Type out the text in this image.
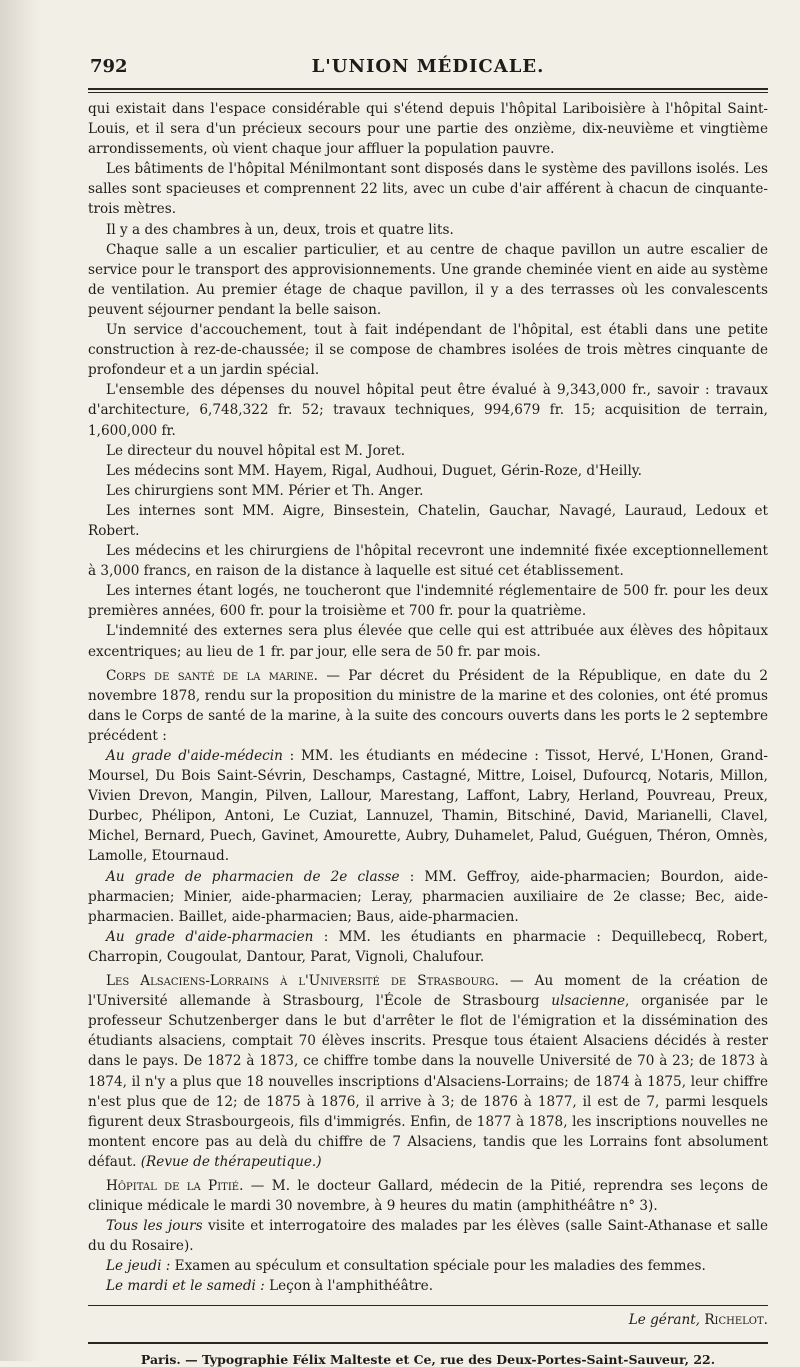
792	L'UNION MÉDICALE.

qui existait dans l'espace considérable qui s'étend depuis l'hôpital Lariboisière à l'hôpital Saint-Louis, et il sera d'un précieux secours pour une partie des onzième, dix-neuvième et vingtième arrondissements, où vient chaque jour affluer la population pauvre.

Les bâtiments de l'hôpital Ménilmontant sont disposés dans le système des pavillons isolés. Les salles sont spacieuses et comprennent 22 lits, avec un cube d'air afférent à chacun de cinquante-trois mètres.

Il y a des chambres à un, deux, trois et quatre lits.

Chaque salle a un escalier particulier, et au centre de chaque pavillon un autre escalier de service pour le transport des approvisionnements. Une grande cheminée vient en aide au système de ventilation. Au premier étage de chaque pavillon, il y a des terrasses où les convalescents peuvent séjourner pendant la belle saison.

Un service d'accouchement, tout à fait indépendant de l'hôpital, est établi dans une petite construction à rez-de-chaussée; il se compose de chambres isolées de trois mètres cinquante de profondeur et a un jardin spécial.

L'ensemble des dépenses du nouvel hôpital peut être évalué à 9,343,000 fr., savoir : travaux d'architecture, 6,748,322 fr. 52; travaux techniques, 994,679 fr. 15; acquisition de terrain, 1,600,000 fr.

Le directeur du nouvel hôpital est M. Joret.

Les médecins sont MM. Hayem, Rigal, Audhoui, Duguet, Gérin-Roze, d'Heilly.

Les chirurgiens sont MM. Périer et Th. Anger.

Les internes sont MM. Aigre, Binsestein, Chatelin, Gauchar, Navagé, Lauraud, Ledoux et Robert.

Les médecins et les chirurgiens de l'hôpital recevront une indemnité fixée exceptionnellement à 3,000 francs, en raison de la distance à laquelle est situé cet établissement.

Les internes étant logés, ne toucheront que l'indemnité réglementaire de 500 fr. pour les deux premières années, 600 fr. pour la troisième et 700 fr. pour la quatrième.

L'indemnité des externes sera plus élevée que celle qui est attribuée aux élèves des hôpitaux excentriques; au lieu de 1 fr. par jour, elle sera de 50 fr. par mois.

Corps de santé de la marine. — Par décret du Président de la République, en date du 2 novembre 1878, rendu sur la proposition du ministre de la marine et des colonies, ont été promus dans le Corps de santé de la marine, à la suite des concours ouverts dans les ports le 2 septembre précédent :

Au grade d'aide-médecin : MM. les étudiants en médecine : Tissot, Hervé, L'Honen, Grand-Moursel, Du Bois Saint-Sévrin, Deschamps, Castagné, Mittre, Loisel, Dufourcq, Notaris, Millon, Vivien Drevon, Mangin, Pilven, Lallour, Marestang, Laffont, Labry, Herland, Pouvreau, Preux, Durbec, Phélipon, Antoni, Le Cuziat, Lannuzel, Thamin, Bitschiné, David, Marianelli, Clavel, Michel, Bernard, Puech, Gavinet, Amourette, Aubry, Duhamelet, Palud, Guéguen, Théron, Omnès, Lamolle, Etournaud.

Au grade de pharmacien de 2e classe : MM. Geffroy, aide-pharmacien; Bourdon, aide-pharmacien; Minier, aide-pharmacien; Leray, pharmacien auxiliaire de 2e classe; Bec, aide-pharmacien. Baillet, aide-pharmacien; Baus, aide-pharmacien.

Au grade d'aide-pharmacien : MM. les étudiants en pharmacie : Dequillebecq, Robert, Charropin, Cougoulat, Dantour, Parat, Vignoli, Chalufour.

Les Alsaciens-Lorrains à l'Université de Strasbourg. — Au moment de la création de l'Université allemande à Strasbourg, l'École de Strasbourg ulsacienne, organisée par le professeur Schutzenberger dans le but d'arrêter le flot de l'émigration et la dissémination des étudiants alsaciens, comptait 70 élèves inscrits. Presque tous étaient Alsaciens décidés à rester dans le pays. De 1872 à 1873, ce chiffre tombe dans la nouvelle Université de 70 à 23; de 1873 à 1874, il n'y a plus que 18 nouvelles inscriptions d'Alsaciens-Lorrains; de 1874 à 1875, leur chiffre n'est plus que de 12; de 1875 à 1876, il arrive à 3; de 1876 à 1877, il est de 7, parmi lesquels figurent deux Strasbourgeois, fils d'immigrés. Enfin, de 1877 à 1878, les inscriptions nouvelles ne montent encore pas au delà du chiffre de 7 Alsaciens, tandis que les Lorrains font absolument défaut. (Revue de thérapeutique.)

Hôpital de la Pitié. — M. le docteur Gallard, médecin de la Pitié, reprendra ses leçons de clinique médicale le mardi 30 novembre, à 9 heures du matin (amphithéâtre n° 3).

Tous les jours visite et interrogatoire des malades par les élèves (salle Saint-Athanase et salle du du Rosaire).

Le jeudi : Examen au spéculum et consultation spéciale pour les maladies des femmes.

Le mardi et le samedi : Leçon à l'amphithéâtre.

Le gérant, Richelot.
Paris. — Typographie Félix Malteste et Ce, rue des Deux-Portes-Saint-Sauveur, 22.
